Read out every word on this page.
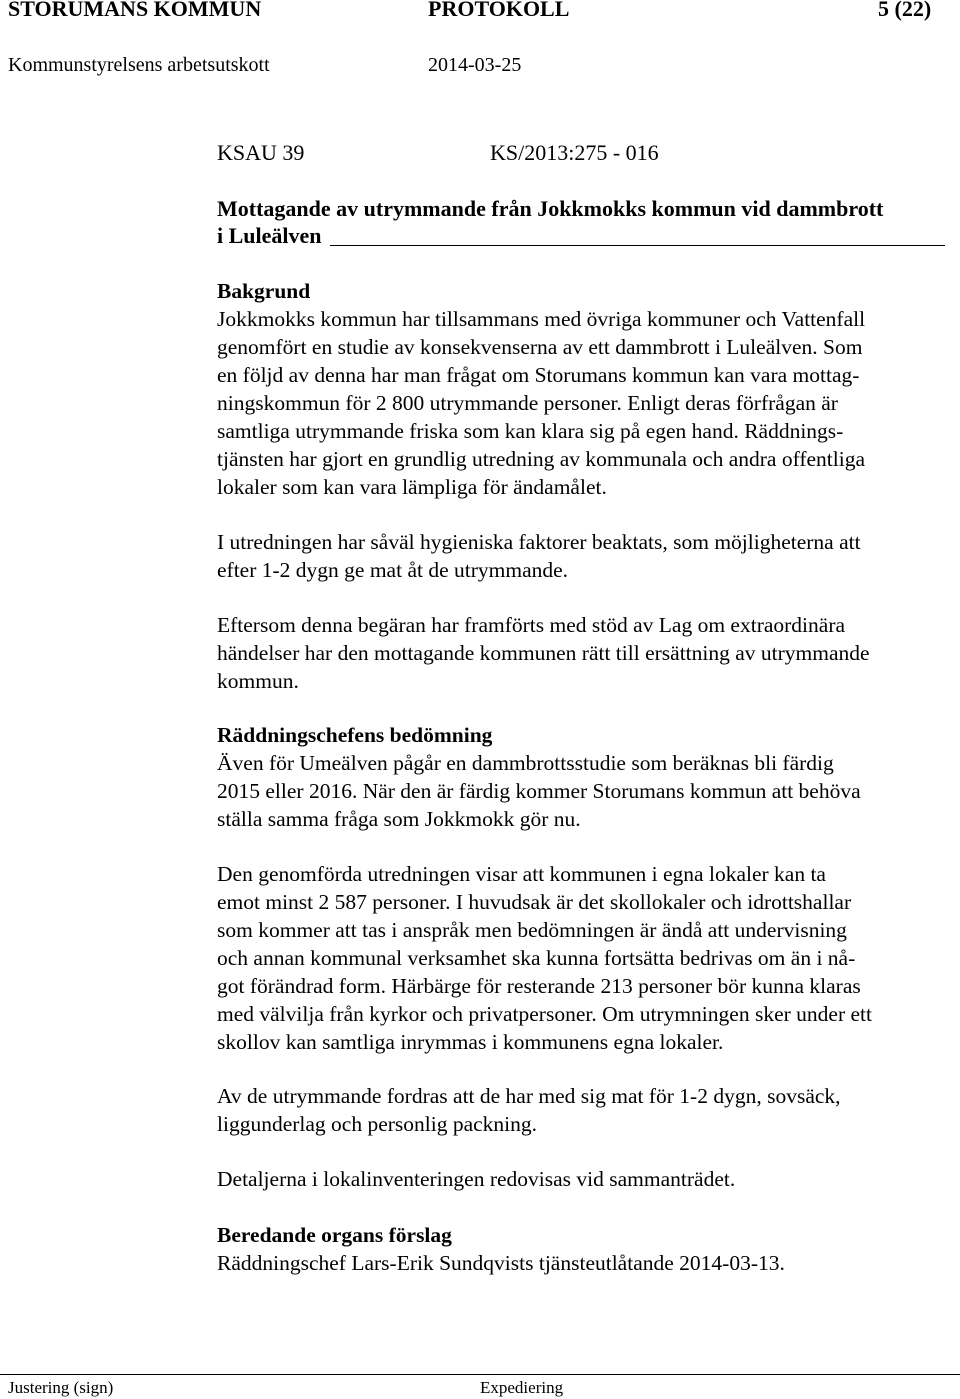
STORUMANS KOMMUN	PROTOKOLL	5 (22)
Kommunstyrelsens arbetsutskott	2014-03-25
KSAU 39	KS/2013:275 - 016
Mottagande av utrymmande från Jokkmokks kommun vid dammbrott
i Luleälven
Bakgrund
Jokkmokks kommun har tillsammans med övriga kommuner och Vattenfall
genomfört en studie av konsekvenserna av ett dammbrott i Luleälven. Som
en följd av denna har man frågat om Storumans kommun kan vara mottag-
ningskommun för 2 800 utrymmande personer. Enligt deras förfrågan är
samtliga utrymmande friska som kan klara sig på egen hand. Räddnings-
tjänsten har gjort en grundlig utredning av kommunala och andra offentliga
lokaler som kan vara lämpliga för ändamålet.
I utredningen har såväl hygieniska faktorer beaktats, som möjligheterna att
efter 1-2 dygn ge mat åt de utrymmande.
Eftersom denna begäran har framförts med stöd av Lag om extraordinära
händelser har den mottagande kommunen rätt till ersättning av utrymmande
kommun.
Räddningschefens bedömning
Även för Umeälven pågår en dammbrottsstudie som beräknas bli färdig
2015 eller 2016. När den är färdig kommer Storumans kommun att behöva
ställa samma fråga som Jokkmokk gör nu.
Den genomförda utredningen visar att kommunen i egna lokaler kan ta
emot minst 2 587 personer. I huvudsak är det skollokaler och idrottshallar
som kommer att tas i anspråk men bedömningen är ändå att undervisning
och annan kommunal verksamhet ska kunna fortsätta bedrivas om än i nå-
got förändrad form. Härbärge för resterande 213 personer bör kunna klaras
med välvilja från kyrkor och privatpersoner. Om utrymningen sker under ett
skollov kan samtliga inrymmas i kommunens egna lokaler.
Av de utrymmande fordras att de har med sig mat för 1-2 dygn, sovsäck,
liggunderlag och personlig packning.
Detaljerna i lokalinventeringen redovisas vid sammanträdet.
Beredande organs förslag
Räddningschef Lars-Erik Sundqvists tjänsteutlåtande 2014-03-13.
Justering (sign)	Expediering
